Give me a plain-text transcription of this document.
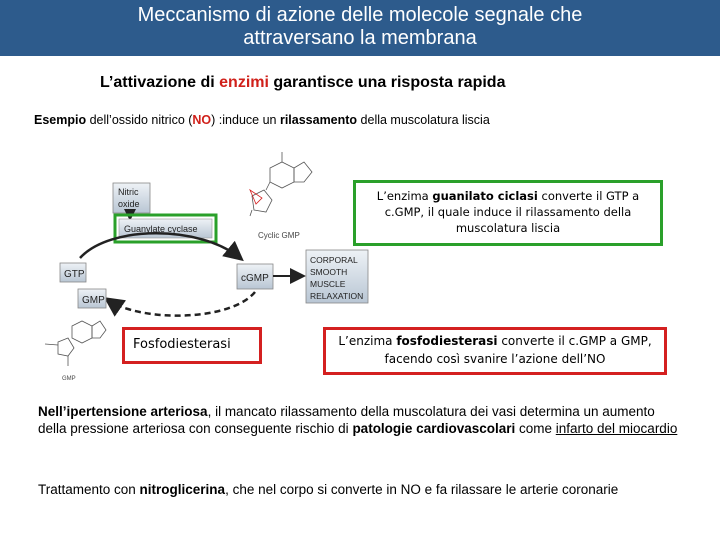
Meccanismo di azione delle molecole segnale che
attraversano la membrana
L’attivazione di enzimi garantisce una risposta rapida
Esempio dell’ossido nitrico (NO) :induce un rilassamento della muscolatura liscia
Cyclic GMP
GMP
Nitric
oxide
Guanylate cyclase
GTP
GMP
cGMP
CORPORAL
SMOOTH
MUSCLE
RELAXATION
L’enzima guanilato ciclasi converte il GTP a c.GMP, il quale induce il rilassamento della muscolatura liscia
Fosfodiesterasi	L’enzima fosfodiesterasi converte il c.GMP a GMP, facendo così svanire l’azione dell’NO
Nell’ipertensione arteriosa, il mancato rilassamento della muscolatura dei vasi determina un aumento della pressione arteriosa con conseguente rischio di patologie cardiovascolari come infarto del miocardio
Trattamento con nitroglicerina, che nel corpo si converte in NO e fa rilassare le arterie coronarie
